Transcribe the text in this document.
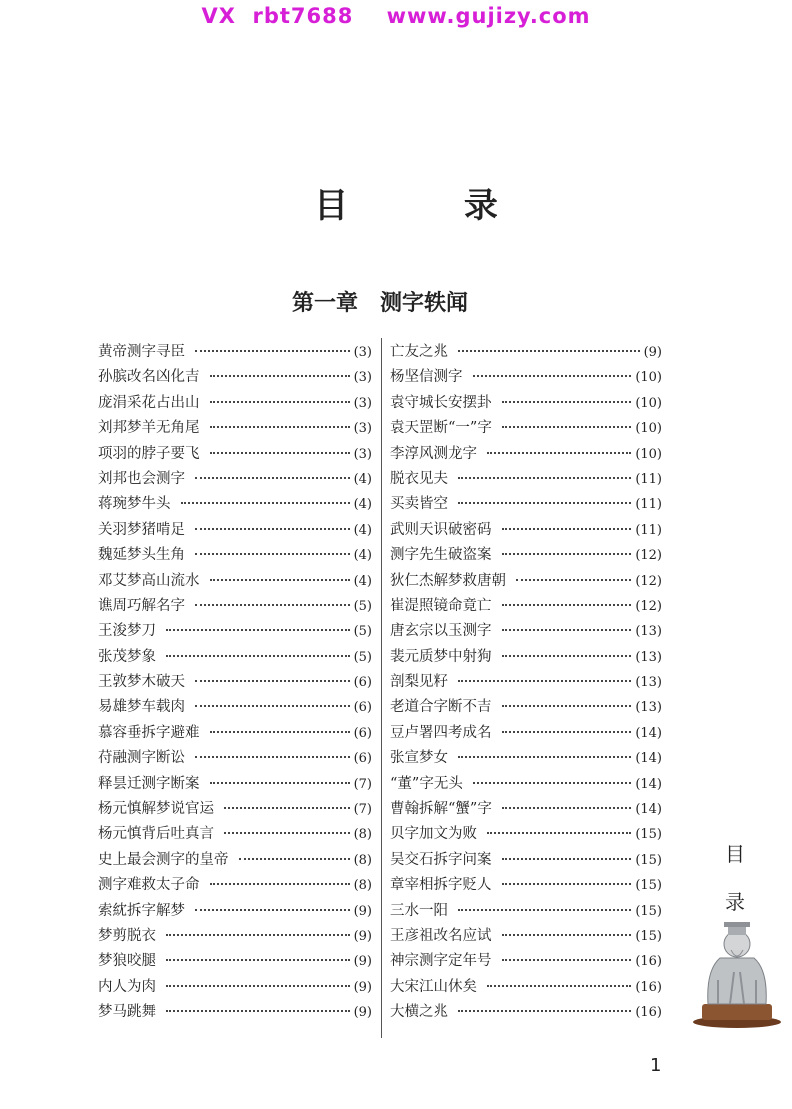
VX  rbt7688    www.gujizy.com
目 录
第一章 测字轶闻
黄帝测字寻臣	(3)
孙膑改名凶化吉	(3)
庞涓采花占出山	(3)
刘邦梦羊无角尾	(3)
项羽的脖子要飞	(3)
刘邦也会测字	(4)
蒋琬梦牛头	(4)
关羽梦猪啃足	(4)
魏延梦头生角	(4)
邓艾梦高山流水	(4)
谯周巧解名字	(5)
王浚梦刀	(5)
张茂梦象	(5)
王敦梦木破天	(6)
易雄梦车载肉	(6)
慕容垂拆字避难	(6)
苻融测字断讼	(6)
释昙迁测字断案	(7)
杨元慎解梦说官运	(7)
杨元慎背后吐真言	(8)
史上最会测字的皇帝	(8)
测字难救太子命	(8)
索紞拆字解梦	(9)
梦剪脱衣	(9)
梦狼咬腿	(9)
内人为肉	(9)
梦马跳舞	(9)
亡友之兆	(9)
杨坚信测字	(10)
袁守城长安摆卦	(10)
袁天罡断“一”字	(10)
李淳风测龙字	(10)
脱衣见夫	(11)
买卖皆空	(11)
武则天识破密码	(11)
测字先生破盗案	(12)
狄仁杰解梦救唐朝	(12)
崔湜照镜命竟亡	(12)
唐玄宗以玉测字	(13)
裴元质梦中射狗	(13)
剖梨见籽	(13)
老道合字断不吉	(13)
豆卢署四考成名	(14)
张宣梦女	(14)
“董”字无头	(14)
曹翰拆解“蟹”字	(14)
贝字加文为败	(15)
吴交石拆字问案	(15)
章宰相拆字贬人	(15)
三水一阳	(15)
王彦祖改名应试	(15)
神宗测字定年号	(16)
大宋江山休矣	(16)
大横之兆	(16)
目
录
1
